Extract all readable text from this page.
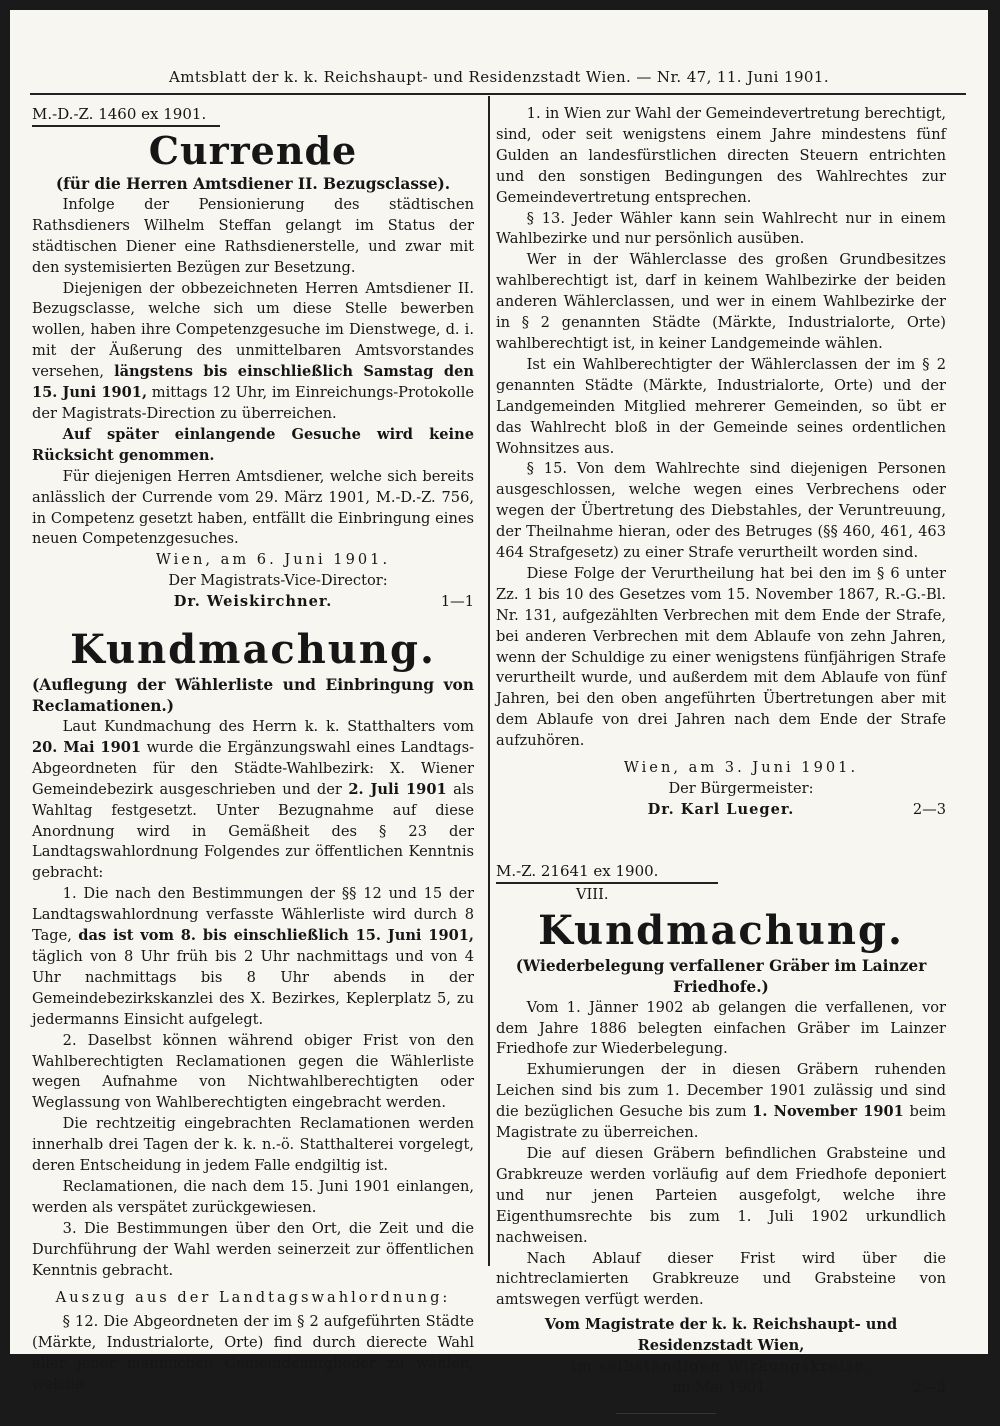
Amtsblatt der k. k. Reichshaupt- und Residenzstadt Wien. — Nr. 47, 11. Juni 1901.
M.-D.-Z. 1460 ex 1901.
Currende
(für die Herren Amtsdiener II. Bezugsclasse).

Infolge der Pensionierung des städtischen Rathsdieners Wilhelm Steffan gelangt im Status der städtischen Diener eine Rathsdienerstelle, und zwar mit den systemisierten Bezügen zur Besetzung.

Diejenigen der obbezeichneten Herren Amtsdiener II. Bezugsclasse, welche sich um diese Stelle bewerben wollen, haben ihre Competenzgesuche im Dienstwege, d. i. mit der Äußerung des unmittelbaren Amtsvorstandes versehen, längstens bis einschließlich Samstag den 15. Juni 1901, mittags 12 Uhr, im Einreichungs-Protokolle der Magistrats-Direction zu überreichen.

Auf später einlangende Gesuche wird keine Rücksicht genommen.

Für diejenigen Herren Amtsdiener, welche sich bereits anlässlich der Currende vom 29. März 1901, M.-D.-Z. 756, in Competenz gesetzt haben, entfällt die Einbringung eines neuen Competenzgesuches.

Wien, am 6. Juni 1901.
Der Magistrats-Vice-Director:
Dr. Weiskirchner.	1—1
Kundmachung.
(Auflegung der Wählerliste und Einbringung von Reclamationen.)

Laut Kundmachung des Herrn k. k. Statthalters vom 20. Mai 1901 wurde die Ergänzungswahl eines Landtags-Abgeordneten für den Städte-Wahlbezirk: X. Wiener Gemeindebezirk ausgeschrieben und der 2. Juli 1901 als Wahltag festgesetzt. Unter Bezugnahme auf diese Anordnung wird in Gemäßheit des § 23 der Landtagswahlordnung Folgendes zur öffentlichen Kenntnis gebracht:

1. Die nach den Bestimmungen der §§ 12 und 15 der Landtagswahlordnung verfasste Wählerliste wird durch 8 Tage, das ist vom 8. bis einschließlich 15. Juni 1901, täglich von 8 Uhr früh bis 2 Uhr nachmittags und von 4 Uhr nachmittags bis 8 Uhr abends in der Gemeindebezirkskanzlei des X. Bezirkes, Keplerplatz 5, zu jedermanns Einsicht aufgelegt.

2. Daselbst können während obiger Frist von den Wahlberechtigten Reclamationen gegen die Wählerliste wegen Aufnahme von Nichtwahlberechtigten oder Weglassung von Wahlberechtigten eingebracht werden.

Die rechtzeitig eingebrachten Reclamationen werden innerhalb drei Tagen der k. k. n.-ö. Statthalterei vorgelegt, deren Entscheidung in jedem Falle endgiltig ist.

Reclamationen, die nach dem 15. Juni 1901 einlangen, werden als verspätet zurückgewiesen.

3. Die Bestimmungen über den Ort, die Zeit und die Durchführung der Wahl werden seinerzeit zur öffentlichen Kenntnis gebracht.

Auszug aus der Landtagswahlordnung:

§ 12. Die Abgeordneten der im § 2 aufgeführten Städte (Märkte, Industrialorte, Orte) find durch dierecte Wahl aller jener männlichen Gemeindemitglieder zu wählen, welche

1. in Wien zur Wahl der Gemeindevertretung berechtigt, sind, oder seit wenigstens einem Jahre mindestens fünf Gulden an landesfürstlichen directen Steuern entrichten und den sonstigen Bedingungen des Wahlrechtes zur Gemeindevertretung entsprechen.

§ 13. Jeder Wähler kann sein Wahlrecht nur in einem Wahlbezirke und nur persönlich ausüben.

Wer in der Wählerclasse des großen Grundbesitzes wahlberechtigt ist, darf in keinem Wahlbezirke der beiden anderen Wählerclassen, und wer in einem Wahlbezirke der in § 2 genannten Städte (Märkte, Industrialorte, Orte) wahlberechtigt ist, in keiner Landgemeinde wählen.

Ist ein Wahlberechtigter der Wählerclassen der im § 2 genannten Städte (Märkte, Industrialorte, Orte) und der Landgemeinden Mitglied mehrerer Gemeinden, so übt er das Wahlrecht bloß in der Gemeinde seines ordentlichen Wohnsitzes aus.

§ 15. Von dem Wahlrechte sind diejenigen Personen ausgeschlossen, welche wegen eines Verbrechens oder wegen der Übertretung des Diebstahles, der Veruntreuung, der Theilnahme hieran, oder des Betruges (§§ 460, 461, 463 464 Strafgesetz) zu einer Strafe verurtheilt worden sind.

Diese Folge der Verurtheilung hat bei den im § 6 unter Zz. 1 bis 10 des Gesetzes vom 15. November 1867, R.-G.-Bl. Nr. 131, aufgezählten Verbrechen mit dem Ende der Strafe, bei anderen Verbrechen mit dem Ablaufe von zehn Jahren, wenn der Schuldige zu einer wenigstens fünfjährigen Strafe verurtheilt wurde, und außerdem mit dem Ablaufe von fünf Jahren, bei den oben angeführten Übertretungen aber mit dem Ablaufe von drei Jahren nach dem Ende der Strafe aufzuhören.

Wien, am 3. Juni 1901.
Der Bürgermeister:
Dr. Karl Lueger.	2—3
M.-Z. 21641 ex 1900.
VIII.
Kundmachung.
(Wiederbelegung verfallener Gräber im Lainzer Friedhofe.)

Vom 1. Jänner 1902 ab gelangen die verfallenen, vor dem Jahre 1886 belegten einfachen Gräber im Lainzer Friedhofe zur Wiederbelegung.

Exhumierungen der in diesen Gräbern ruhenden Leichen sind bis zum 1. December 1901 zulässig und sind die bezüglichen Gesuche bis zum 1. November 1901 beim Magistrate zu überreichen.

Die auf diesen Gräbern befindlichen Grabsteine und Grabkreuze werden vorläufig auf dem Friedhofe deponiert und nur jenen Parteien ausgefolgt, welche ihre Eigenthumsrechte bis zum 1. Juli 1902 urkundlich nachweisen.

Nach Ablauf dieser Frist wird über die nichtreclamierten Grabkreuze und Grabsteine von amtswegen verfügt werden.

Vom Magistrate der k. k. Reichshaupt- und Residenzstadt Wien,
im selbständigen Wirkungskreise,
im Mai 1901.	2—3
